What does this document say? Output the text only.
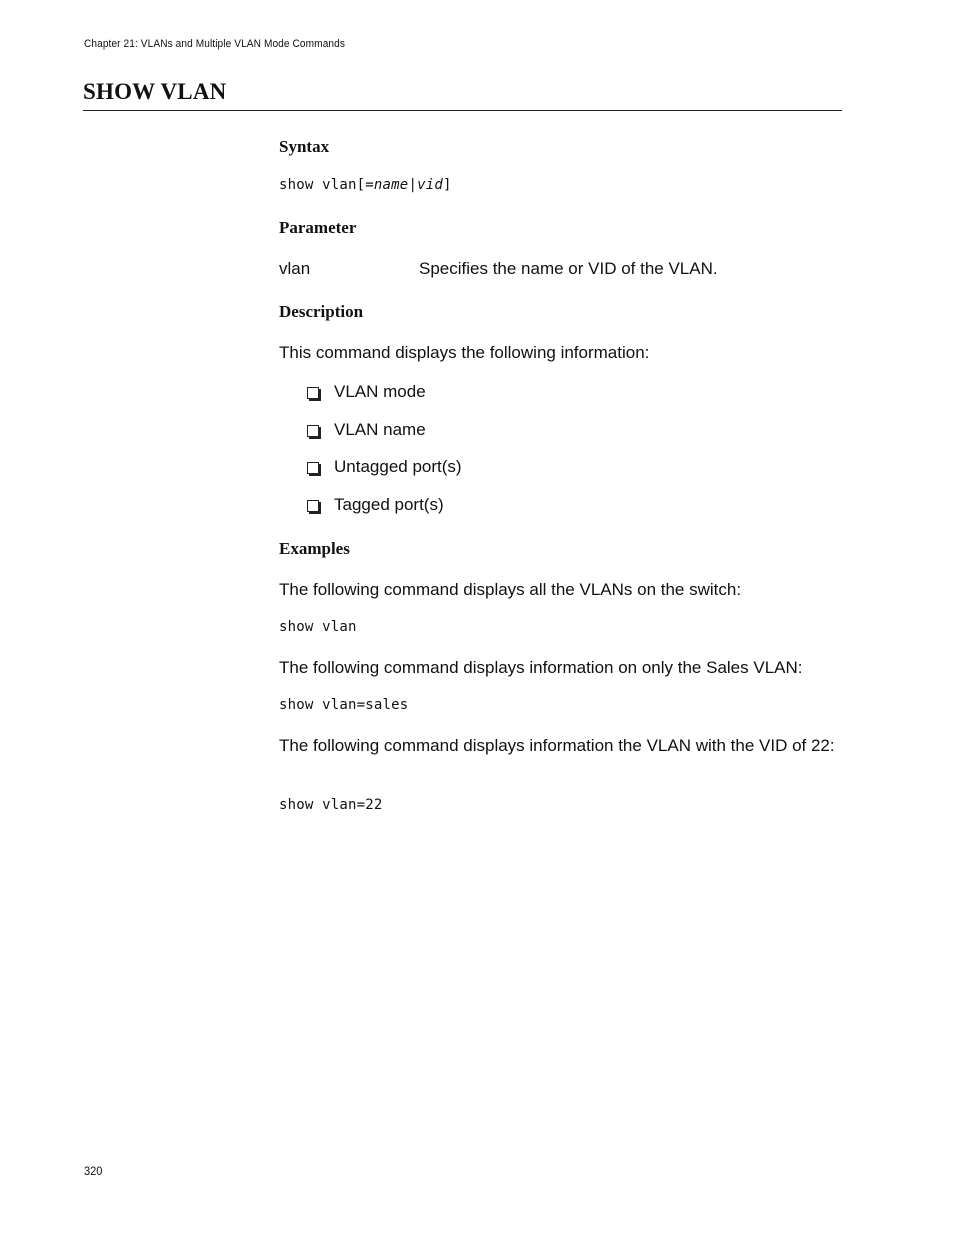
Chapter 21: VLANs and Multiple VLAN Mode Commands
SHOW VLAN
Syntax
show vlan[=name|vid]
Parameter
vlan	Specifies the name or VID of the VLAN.
Description
This command displays the following information:
VLAN mode
VLAN name
Untagged port(s)
Tagged port(s)
Examples
The following command displays all the VLANs on the switch:
show vlan
The following command displays information on only the Sales VLAN:
show vlan=sales
The following command displays information the VLAN with the VID of 22:
show vlan=22
320
